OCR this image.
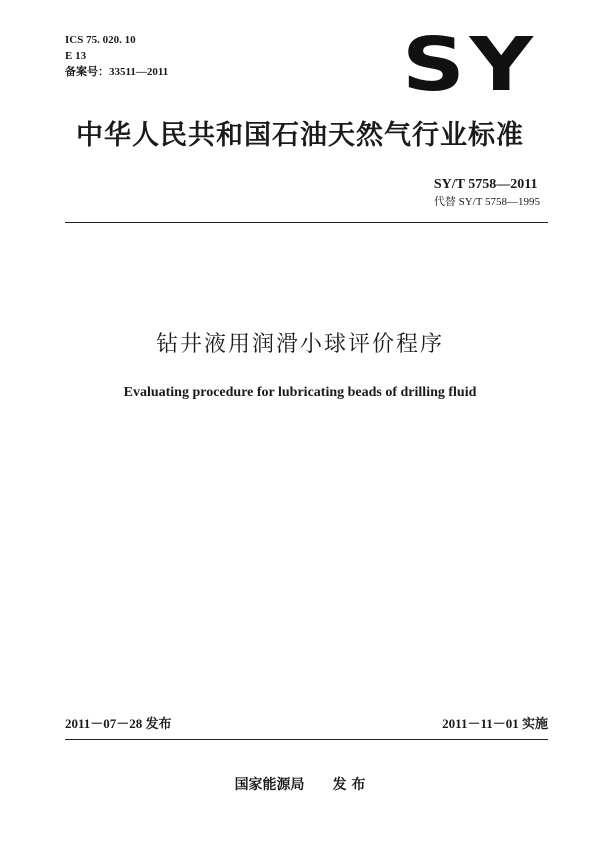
ICS 75. 020. 10
E 13
备案号：33511—2011	SY
中华人民共和国石油天然气行业标准
SY/T 5758—2011
代替 SY/T 5758—1995
钻井液用润滑小球评价程序
Evaluating procedure for lubricating beads of drilling fluid
2011－07－28 发布	2011－11－01 实施
国家能源局 发 布
